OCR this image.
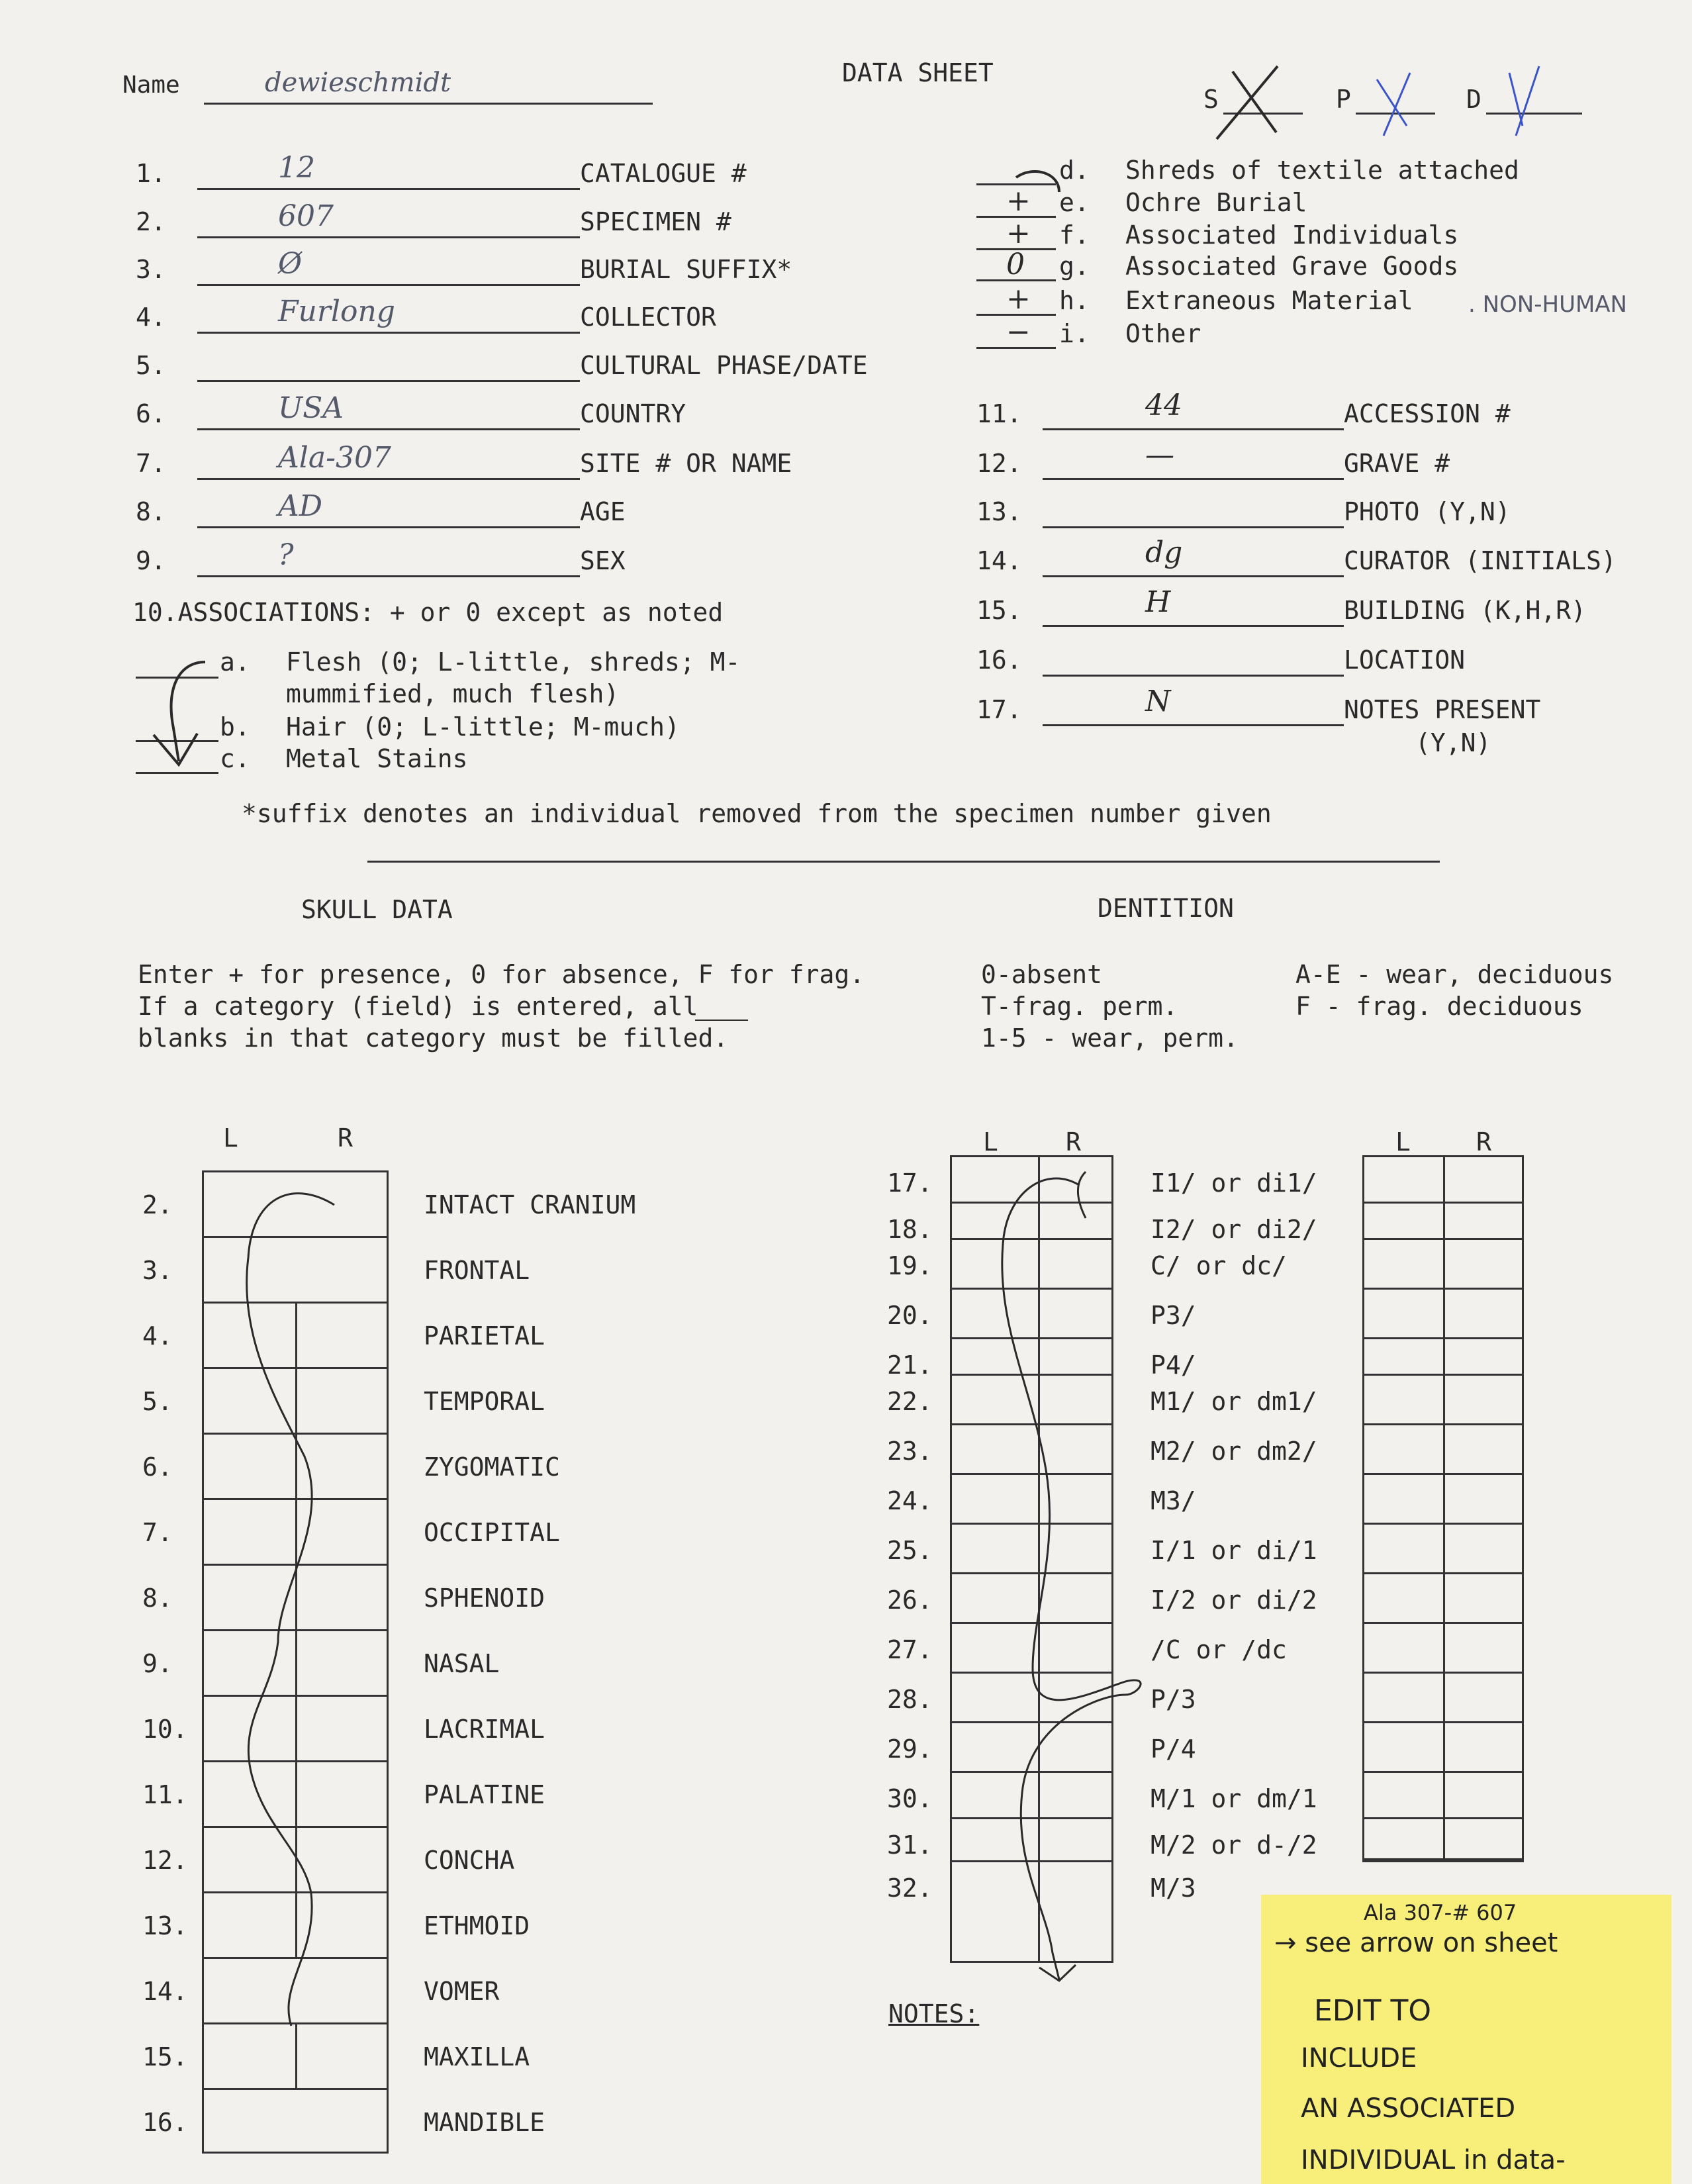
Name	dewieschmidt	DATA SHEET
S	P	D
1.	12	CATALOGUE #
2.	607	SPECIMEN #
3.	Ø	BURIAL SUFFIX*
4.	Furlong	COLLECTOR
5.	CULTURAL PHASE/DATE
6.	USA	COUNTRY
7.	Ala-307	SITE # OR NAME
8.	AD	AGE
9.	?	SEX
d. Shreds of textile attached
+ e. Ochre Burial
+ f. Associated Individuals
0 g. Associated Grave Goods
+ h. Extraneous Material
− i. Other
. NON-HUMAN
11.	44	ACCESSION #
12.	—	GRAVE #
13.	PHOTO (Y,N)
14.	dg	CURATOR (INITIALS)
15.	H	BUILDING (K,H,R)
16.	LOCATION
17.	N	NOTES PRESENT
(Y,N)
10.ASSOCIATIONS: + or 0 except as noted
a. Flesh (0; L-little, shreds; M-
mummified, much flesh)
b. Hair (0; L-little; M-much)
c. Metal Stains
*suffix denotes an individual removed from the specimen number given
SKULL DATA
Enter + for presence, 0 for absence, F for frag.
If a category (field) is entered, all
blanks in that category must be filled.
L	R
DENTITION
0-absent
T-frag. perm.
1-5 - wear, perm.
A-E - wear, deciduous
F - frag. deciduous
L	R	L	R
2.	INTACT CRANIUM
3.	FRONTAL
4.	PARIETAL
5.	TEMPORAL
6.	ZYGOMATIC
7.	OCCIPITAL
8.	SPHENOID
9.	NASAL
10.	LACRIMAL
11.	PALATINE
12.	CONCHA
13.	ETHMOID
14.	VOMER
15.	MAXILLA
16.	MANDIBLE
17.	I1/ or di1/
18.	I2/ or di2/
19.	C/ or dc/
20.	P3/
21.	P4/
22.	M1/ or dm1/
23.	M2/ or dm2/
24.	M3/
25.	I/1 or di/1
26.	I/2 or di/2
27.	/C or /dc
28.	P/3
29.	P/4
30.	M/1 or dm/1
31.	M/2 or d-/2
32.	M/3
NOTES:
Ala 307-# 607
→ see arrow on sheet
EDIT TO
INCLUDE
AN ASSOCIATED
INDIVIDUAL in data-
